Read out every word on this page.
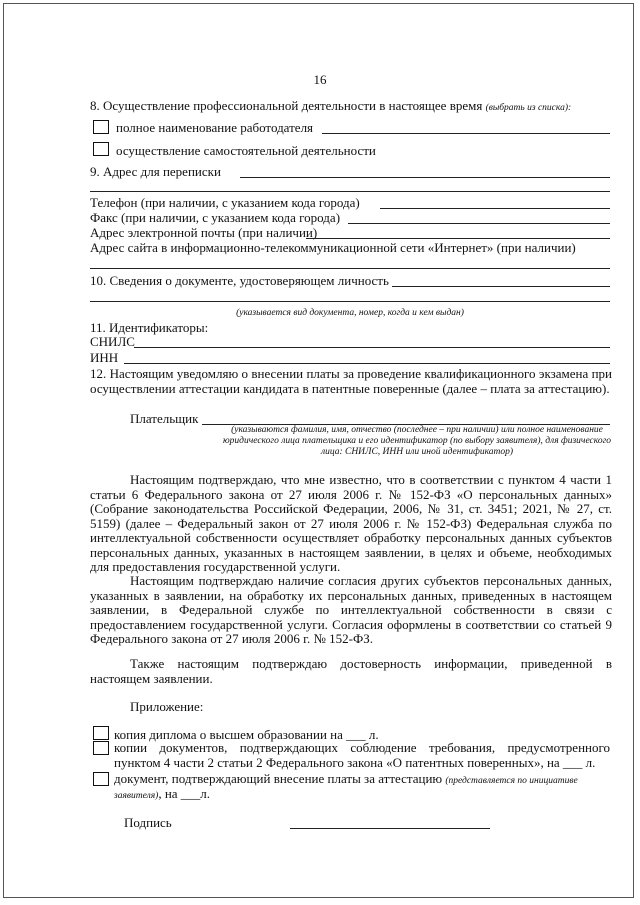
16
8. Осуществление профессиональной деятельности в настоящее время (выбрать из списка):
полное наименование работодателя
осуществление самостоятельной деятельности
9. Адрес для переписки
Телефон (при наличии, с указанием кода города)
Факс (при наличии, с указанием кода города)
Адрес электронной почты (при наличии)
Адрес сайта в информационно-телекоммуникационной сети «Интернет» (при наличии)
10. Сведения о документе, удостоверяющем личность
(указывается вид документа, номер, когда и кем выдан)
11. Идентификаторы:
СНИЛС
ИНН
12. Настоящим уведомляю о внесении платы за проведение квалификационного экзамена при осуществлении аттестации кандидата в патентные поверенные (далее – плата за аттестацию).
Плательщик
(указываются фамилия, имя, отчество (последнее – при наличии) или полное наименование юридического лица плательщика и его идентификатор (по выбору заявителя), для физического лица: СНИЛС, ИНН или иной идентификатор)
Настоящим подтверждаю, что мне известно, что в соответствии с пунктом 4 части 1 статьи 6 Федерального закона от 27 июля 2006 г. № 152-ФЗ «О персональных данных» (Собрание законодательства Российской Федерации, 2006, № 31, ст. 3451; 2021, № 27, ст. 5159) (далее – Федеральный закон от 27 июля 2006 г. № 152-ФЗ) Федеральная служба по интеллектуальной собственности осуществляет обработку персональных данных субъектов персональных данных, указанных в настоящем заявлении, в целях и объеме, необходимых для предоставления государственной услуги.
Настоящим подтверждаю наличие согласия других субъектов персональных данных, указанных в заявлении, на обработку их персональных данных, приведенных в настоящем заявлении, в Федеральной службе по интеллектуальной собственности в связи с предоставлением государственной услуги. Согласия оформлены в соответствии со статьей 9 Федерального закона от 27 июля 2006 г. № 152-ФЗ.
Также настоящим подтверждаю достоверность информации, приведенной в настоящем заявлении.
Приложение:
копия диплома о высшем образовании на ___ л.
копии документов, подтверждающих соблюдение требования, предусмотренного пунктом 4 части 2 статьи 2 Федерального закона «О патентных поверенных», на ___ л.
документ, подтверждающий внесение платы за аттестацию (представляется по инициативе заявителя), на ___л.
Подпись
